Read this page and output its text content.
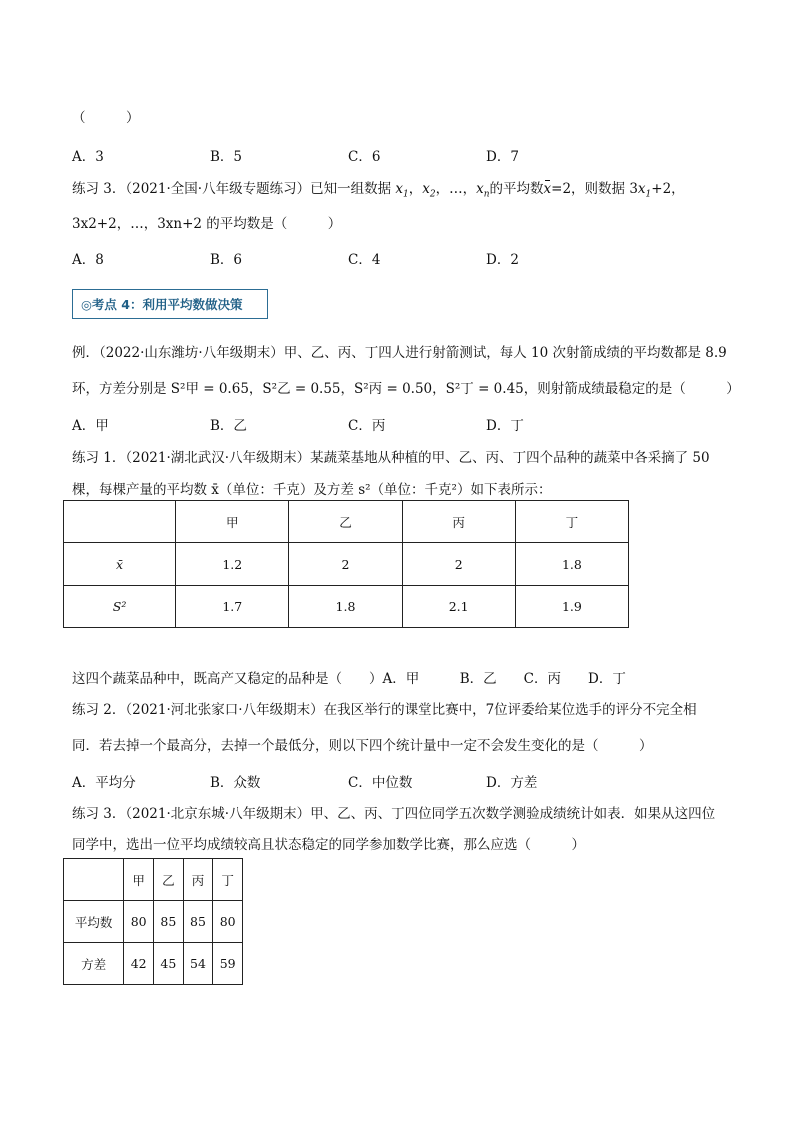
（　　　）
A．3	B．5	C．6	D．7
练习 3．（2021·全国·八年级专题练习）已知一组数据 $x_1$，$x_2$，…，$x_n$的平均数x=2，则数据 $3x_1+2$，
3x2+2，…，3xn+2 的平均数是（　　　）
A．8	B．6	C．4	D．2
◎考点 4：利用平均数做决策
例．（2022·山东潍坊·八年级期末）甲、乙、丙、丁四人进行射箭测试，每人 10 次射箭成绩的平均数都是 8.9
环，方差分别是 S²甲 = 0.65，S²乙 = 0.55，S²丙 = 0.50，S²丁 = 0.45，则射箭成绩最稳定的是（　　　）
A．甲	B．乙	C．丙	D．丁
练习 1．（2021·湖北武汉·八年级期末）某蔬菜基地从种植的甲、乙、丙、丁四个品种的蔬菜中各采摘了 50
棵，每棵产量的平均数 x̄（单位：千克）及方差 s²（单位：千克²）如下表所示：
	甲	乙	丙	丁
x̄	1.2	2	2	1.8
S²	1.7	1.8	2.1	1.9
这四个蔬菜品种中，既高产又稳定的品种是（　　）A．甲　　　B．乙　　C．丙　　D．丁
练习 2．（2021·河北张家口·八年级期末）在我区举行的课堂比赛中，7位评委给某位选手的评分不完全相
同．若去掉一个最高分，去掉一个最低分，则以下四个统计量中一定不会发生变化的是（　　　）
A．平均分	B．众数	C．中位数	D．方差
练习 3．（2021·北京东城·八年级期末）甲、乙、丙、丁四位同学五次数学测验成绩统计如表．如果从这四位
同学中，选出一位平均成绩较高且状态稳定的同学参加数学比赛，那么应选（　　　）
	甲	乙	丙	丁
平均数	80	85	85	80
方差	42	45	54	59
